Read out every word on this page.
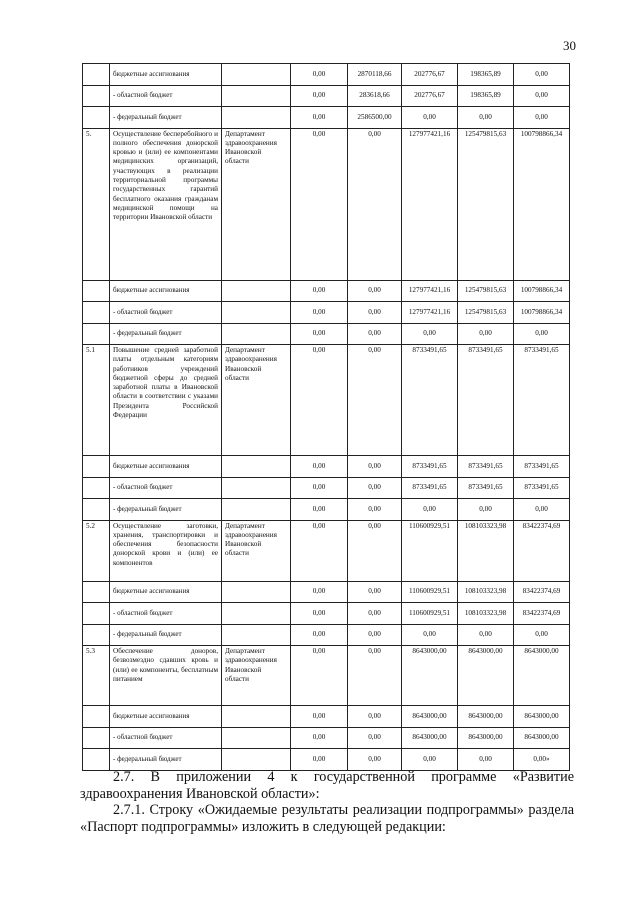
30
	бюджетные ассигнования		0,00	2870118,66	202776,67	198365,89	0,00
	- областной бюджет		0,00	283618,66	202776,67	198365,89	0,00
	- федеральный бюджет		0,00	2586500,00	0,00	0,00	0,00
5.	Осуществление бесперебойного и полного обеспечения донорской кровью и (или) ее компонентами медицинских организаций, участвующих в реализации территориальной программы государственных гарантий бесплатного оказания гражданам медицинской помощи на территории Ивановской области	Департамент здравоохранения Ивановской области	0,00	0,00	127977421,16	125479815,63	100798866,34
	бюджетные ассигнования		0,00	0,00	127977421,16	125479815,63	100798866,34
	- областной бюджет		0,00	0,00	127977421,16	125479815,63	100798866,34
	- федеральный бюджет		0,00	0,00	0,00	0,00	0,00
5.1	Повышение средней заработной платы отдельным категориям работников учреждений бюджетной сферы до средней заработной платы в Ивановской области в соответствии с указами Президента Российской Федерации	Департамент здравоохранения Ивановской области	0,00	0,00	8733491,65	8733491,65	8733491,65
	бюджетные ассигнования		0,00	0,00	8733491,65	8733491,65	8733491,65
	- областной бюджет		0,00	0,00	8733491,65	8733491,65	8733491,65
	- федеральный бюджет		0,00	0,00	0,00	0,00	0,00
5.2	Осуществление заготовки, хранения, транспортировки и обеспечения безопасности донорской крови и (или) ее компонентов	Департамент здравоохранения Ивановской области	0,00	0,00	110600929,51	108103323,98	83422374,69
	бюджетные ассигнования		0,00	0,00	110600929,51	108103323,98	83422374,69
	- областной бюджет		0,00	0,00	110600929,51	108103323,98	83422374,69
	- федеральный бюджет		0,00	0,00	0,00	0,00	0,00
5.3	Обеспечение доноров, безвозмездно сдавших кровь и (или) ее компоненты, бесплатным питанием	Департамент здравоохранения Ивановской области	0,00	0,00	8643000,00	8643000,00	8643000,00
	бюджетные ассигнования		0,00	0,00	8643000,00	8643000,00	8643000,00
	- областной бюджет		0,00	0,00	8643000,00	8643000,00	8643000,00
	- федеральный бюджет		0,00	0,00	0,00	0,00	0,00»

2.7. В приложении 4 к государственной программе «Развитие здравоохранения Ивановской области»:

2.7.1. Строку «Ожидаемые результаты реализации подпрограммы» раздела «Паспорт подпрограммы» изложить в следующей редакции:
